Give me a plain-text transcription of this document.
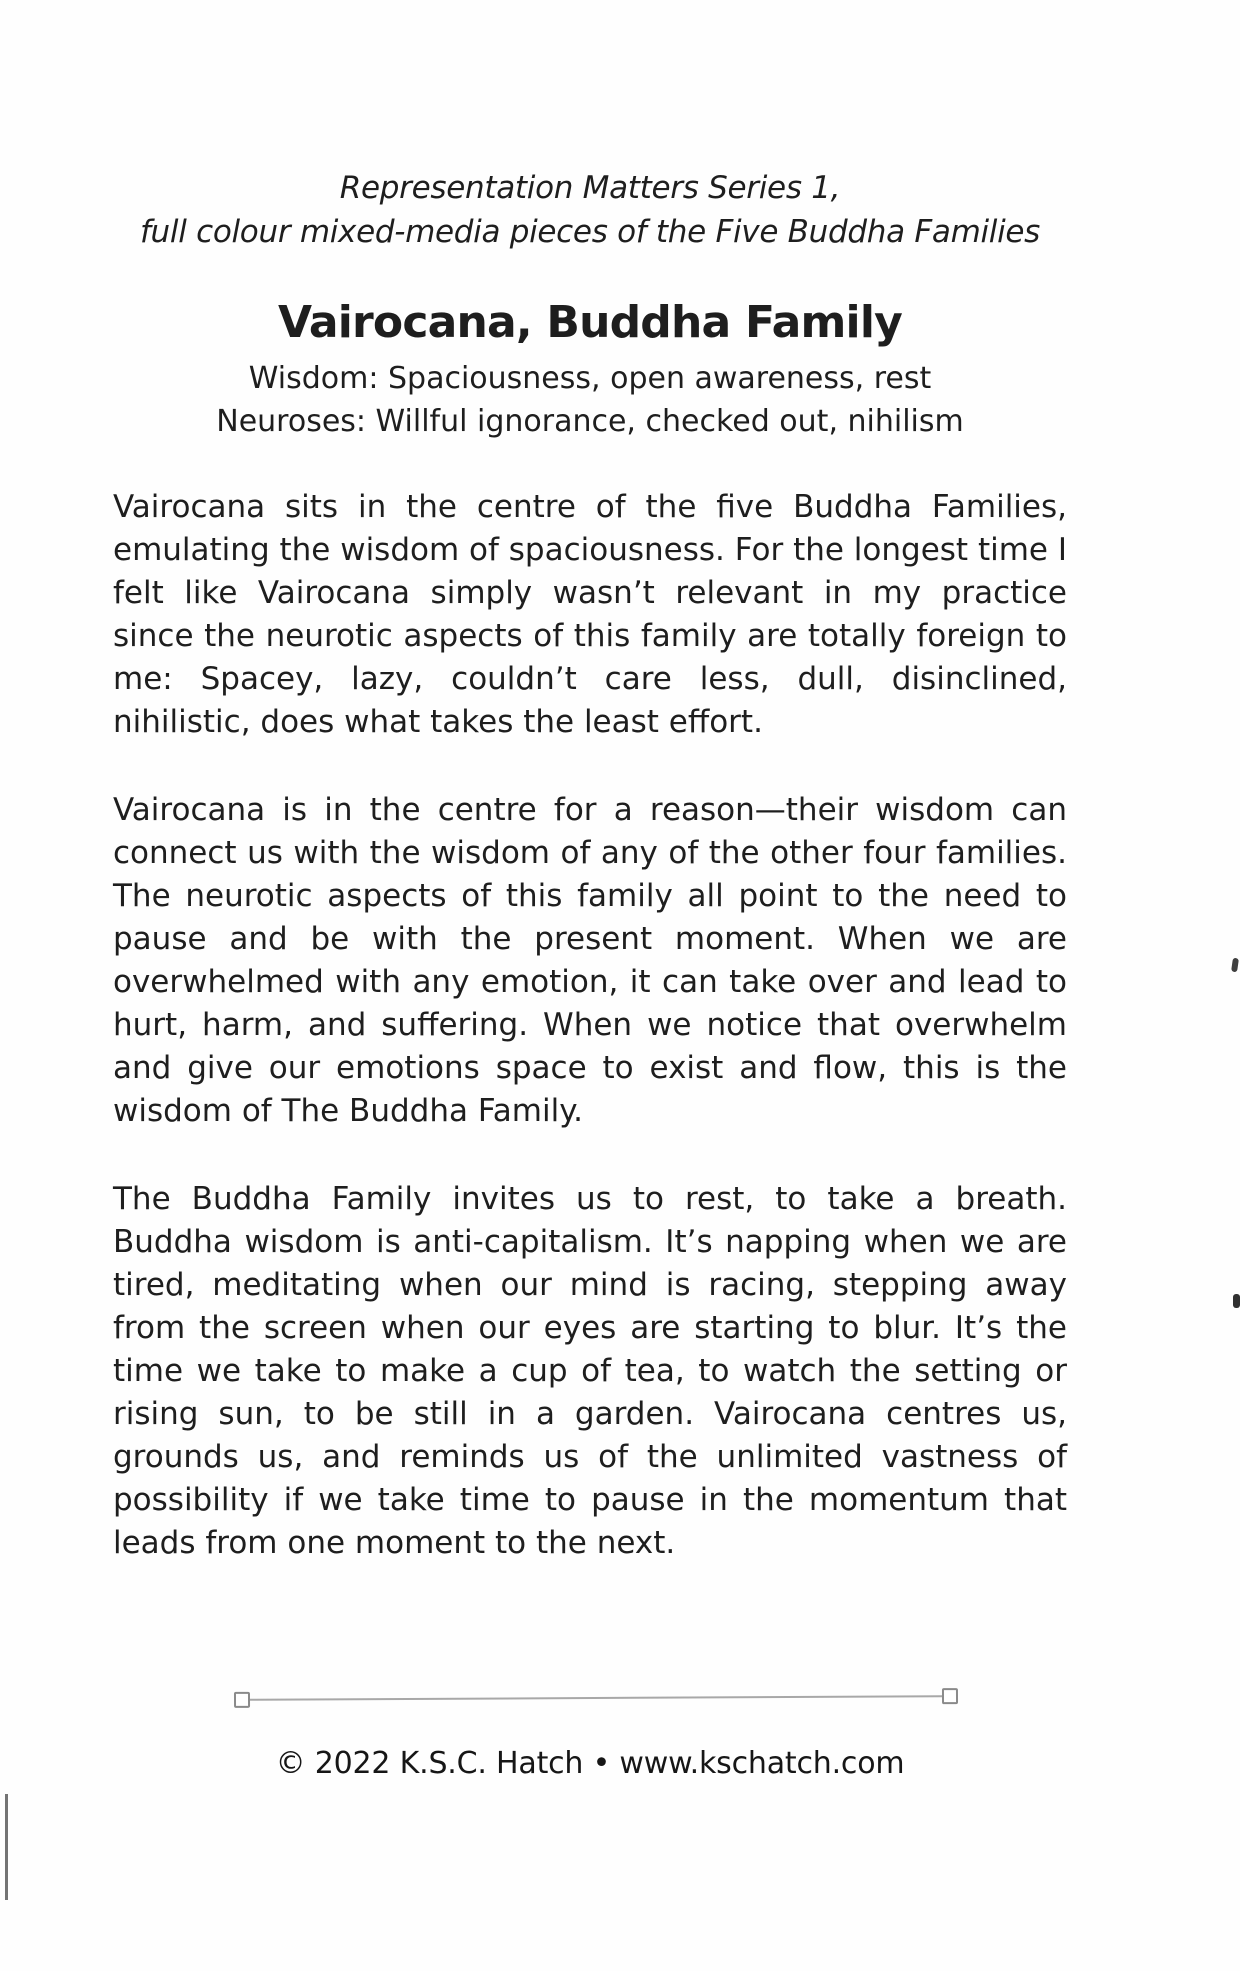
Representation Matters Series 1,
full colour mixed-media pieces of the Five Buddha Families
Vairocana, Buddha Family
Wisdom: Spaciousness, open awareness, rest
Neuroses: Willful ignorance, checked out, nihilism

Vairocana sits in the centre of the five Buddha Families, emulating the wisdom of spaciousness. For the longest time I felt like Vairocana simply wasn’t relevant in my practice since the neurotic aspects of this family are totally foreign to me: Spacey, lazy, couldn’t care less, dull, disinclined, nihilistic, does what takes the least effort.

Vairocana is in the centre for a reason—their wisdom can connect us with the wisdom of any of the other four families. The neurotic aspects of this family all point to the need to pause and be with the present moment. When we are overwhelmed with any emotion, it can take over and lead to hurt, harm, and suffering. When we notice that overwhelm and give our emotions space to exist and flow, this is the wisdom of The Buddha Family.

The Buddha Family invites us to rest, to take a breath. Buddha wisdom is anti-capitalism. It’s napping when we are tired, meditating when our mind is racing, stepping away from the screen when our eyes are starting to blur. It’s the time we take to make a cup of tea, to watch the setting or rising sun, to be still in a garden. Vairocana centres us, grounds us, and reminds us of the unlimited vastness of possibility if we take time to pause in the momentum that leads from one moment to the next.

© 2022 K.S.C. Hatch • www.kschatch.com
